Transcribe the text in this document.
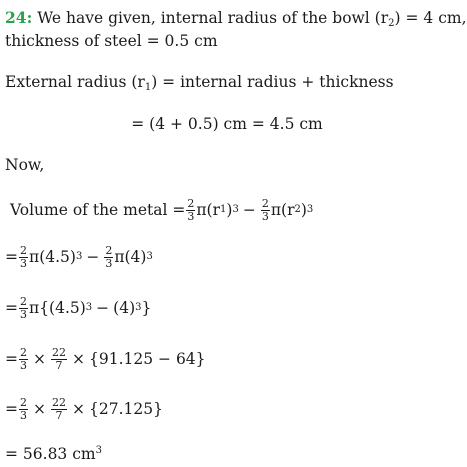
24: We have given, internal radius of the bowl $(r_2) = 4$ cm,
thickness of steel = 0.5 cm
External radius $(r_1)$ = internal radius + thickness
= (4 + 0.5) cm = 4.5 cm
Now,
Volume of the metal = $\frac{2}{3}$ π (r 1 ) $3 - \frac{2}{3}$ π (r 2 ) 3
= $\frac{2}{3}$ π (4.5) $3 - \frac{2}{3}$ π (4) 3
= $\frac{2}{3}$ π {(4.5) 3 − (4) 3 }
= $\frac{2}{3} \times \frac{22}{7} \times \{91.125 - 64\}$
= $\frac{2}{3} \times \frac{22}{7} \times \{27.125\}$
= 56.83 $cm^3$
